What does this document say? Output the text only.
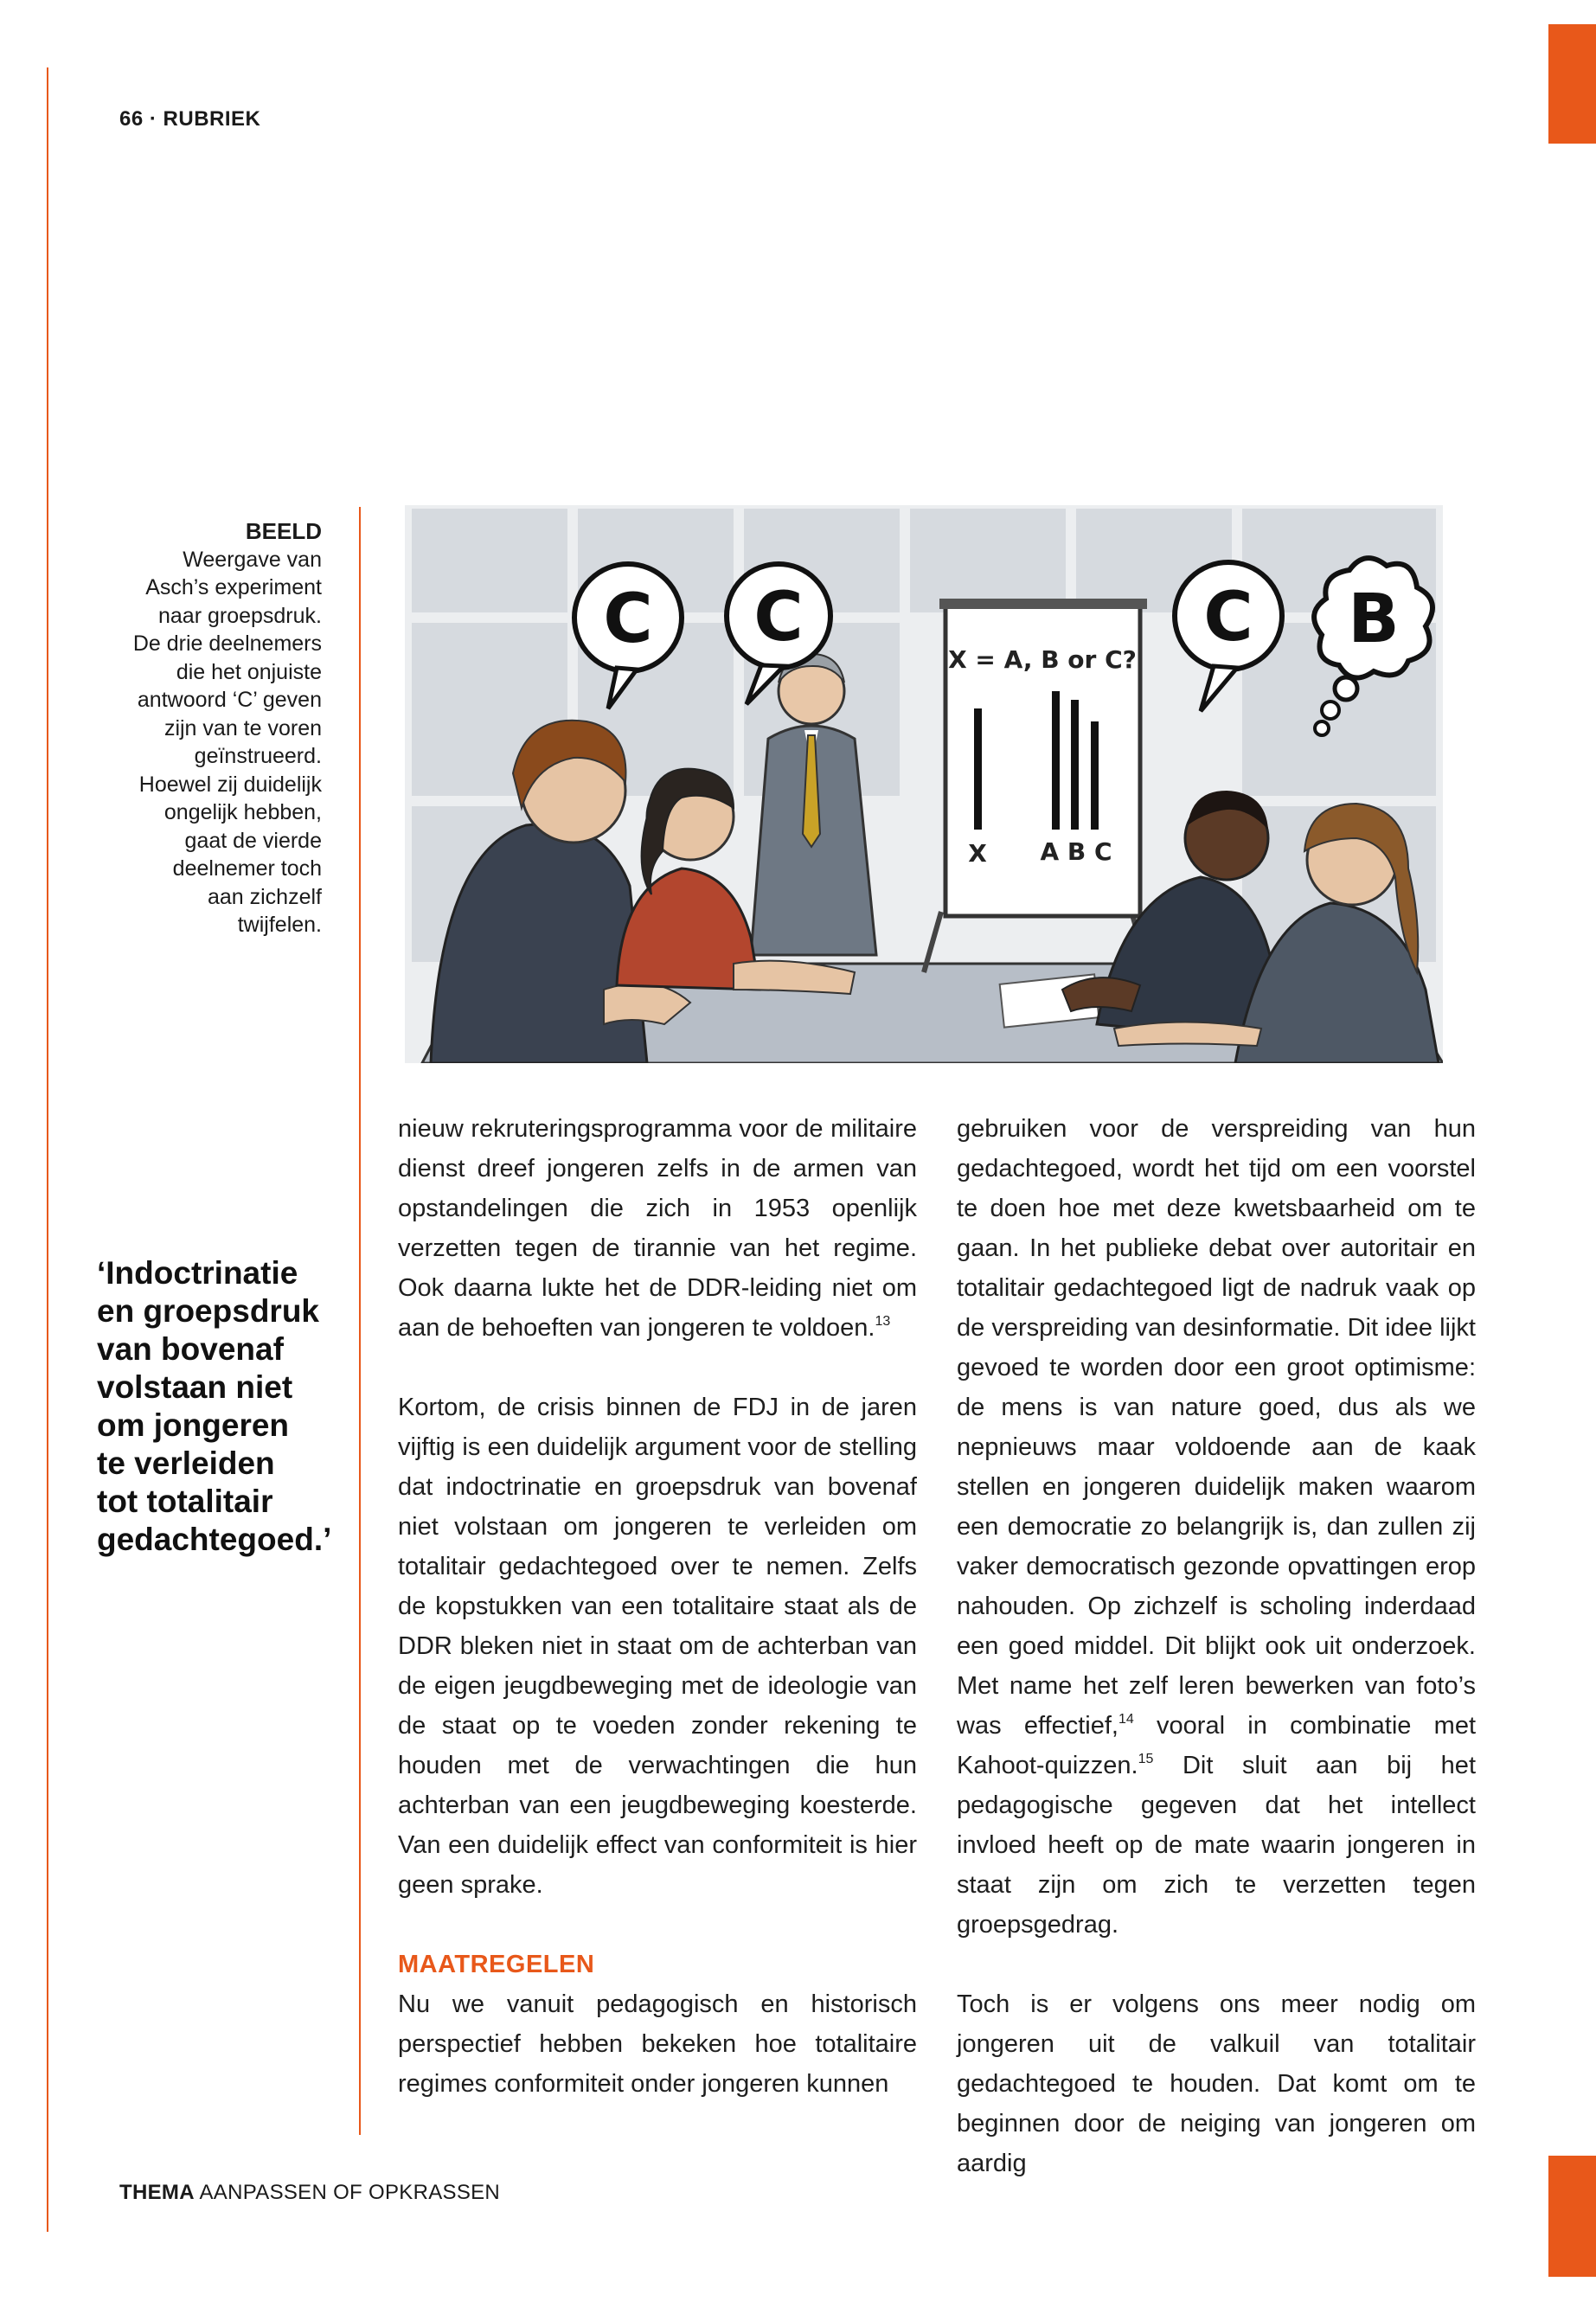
66 · RUBRIEK
BEELD
Weergave van
Asch’s experiment
naar groepsdruk.
De drie deelnemers
die het onjuiste
antwoord ‘C’ geven
zijn van te voren
geïnstrueerd.
Hoewel zij duidelijk
ongelijk hebben,
gaat de vierde
deelnemer toch
aan zichzelf
twijfelen.
‘Indoctrinatie
en groepsdruk
van bovenaf
volstaan niet
om jongeren
te verleiden
tot totalitair
gedachtegoed.’
X = A, B or C?
X A B C
C C	C B

nieuw rekruteringsprogramma voor de militaire dienst dreef jongeren zelfs in de armen van opstandelingen die zich in 1953 openlijk verzetten tegen de tirannie van het regime. Ook daarna lukte het de DDR-leiding niet om aan de behoeften van jongeren te voldoen.$^{13}$

Kortom, de crisis binnen de FDJ in de jaren vijftig is een duidelijk argument voor de stelling dat indoctrinatie en groepsdruk van bovenaf niet volstaan om jongeren te verleiden om totalitair gedachtegoed over te nemen. Zelfs de kopstukken van een totalitaire staat als de DDR bleken niet in staat om de achterban van de eigen jeugdbeweging met de ideologie van de staat op te voeden zonder rekening te houden met de verwachtingen die hun achterban van een jeugdbeweging koesterde. Van een duidelijk effect van conformiteit is hier geen sprake.

MAATREGELEN

Nu we vanuit pedagogisch en historisch perspectief hebben bekeken hoe totalitaire regimes conformiteit onder jongeren kunnen

gebruiken voor de verspreiding van hun gedachtegoed, wordt het tijd om een voorstel te doen hoe met deze kwetsbaarheid om te gaan. In het publieke debat over autoritair en totalitair gedachtegoed ligt de nadruk vaak op de verspreiding van desinformatie. Dit idee lijkt gevoed te worden door een groot optimisme: de mens is van nature goed, dus als we nepnieuws maar voldoende aan de kaak stellen en jongeren duidelijk maken waarom een democratie zo belangrijk is, dan zullen zij vaker democratisch gezonde opvattingen erop nahouden. Op zichzelf is scholing inderdaad een goed middel. Dit blijkt ook uit onderzoek. Met name het zelf leren bewerken van foto’s was effectief,$^{14}$ vooral in combinatie met Kahoot-quizzen.$^{15}$ Dit sluit aan bij het pedagogische gegeven dat het intellect invloed heeft op de mate waarin jongeren in staat zijn om zich te verzetten tegen groepsgedrag.

Toch is er volgens ons meer nodig om jongeren uit de valkuil van totalitair gedachtegoed te houden. Dat komt om te beginnen door de neiging van jongeren om aardig

THEMA AANPASSEN OF OPKRASSEN
